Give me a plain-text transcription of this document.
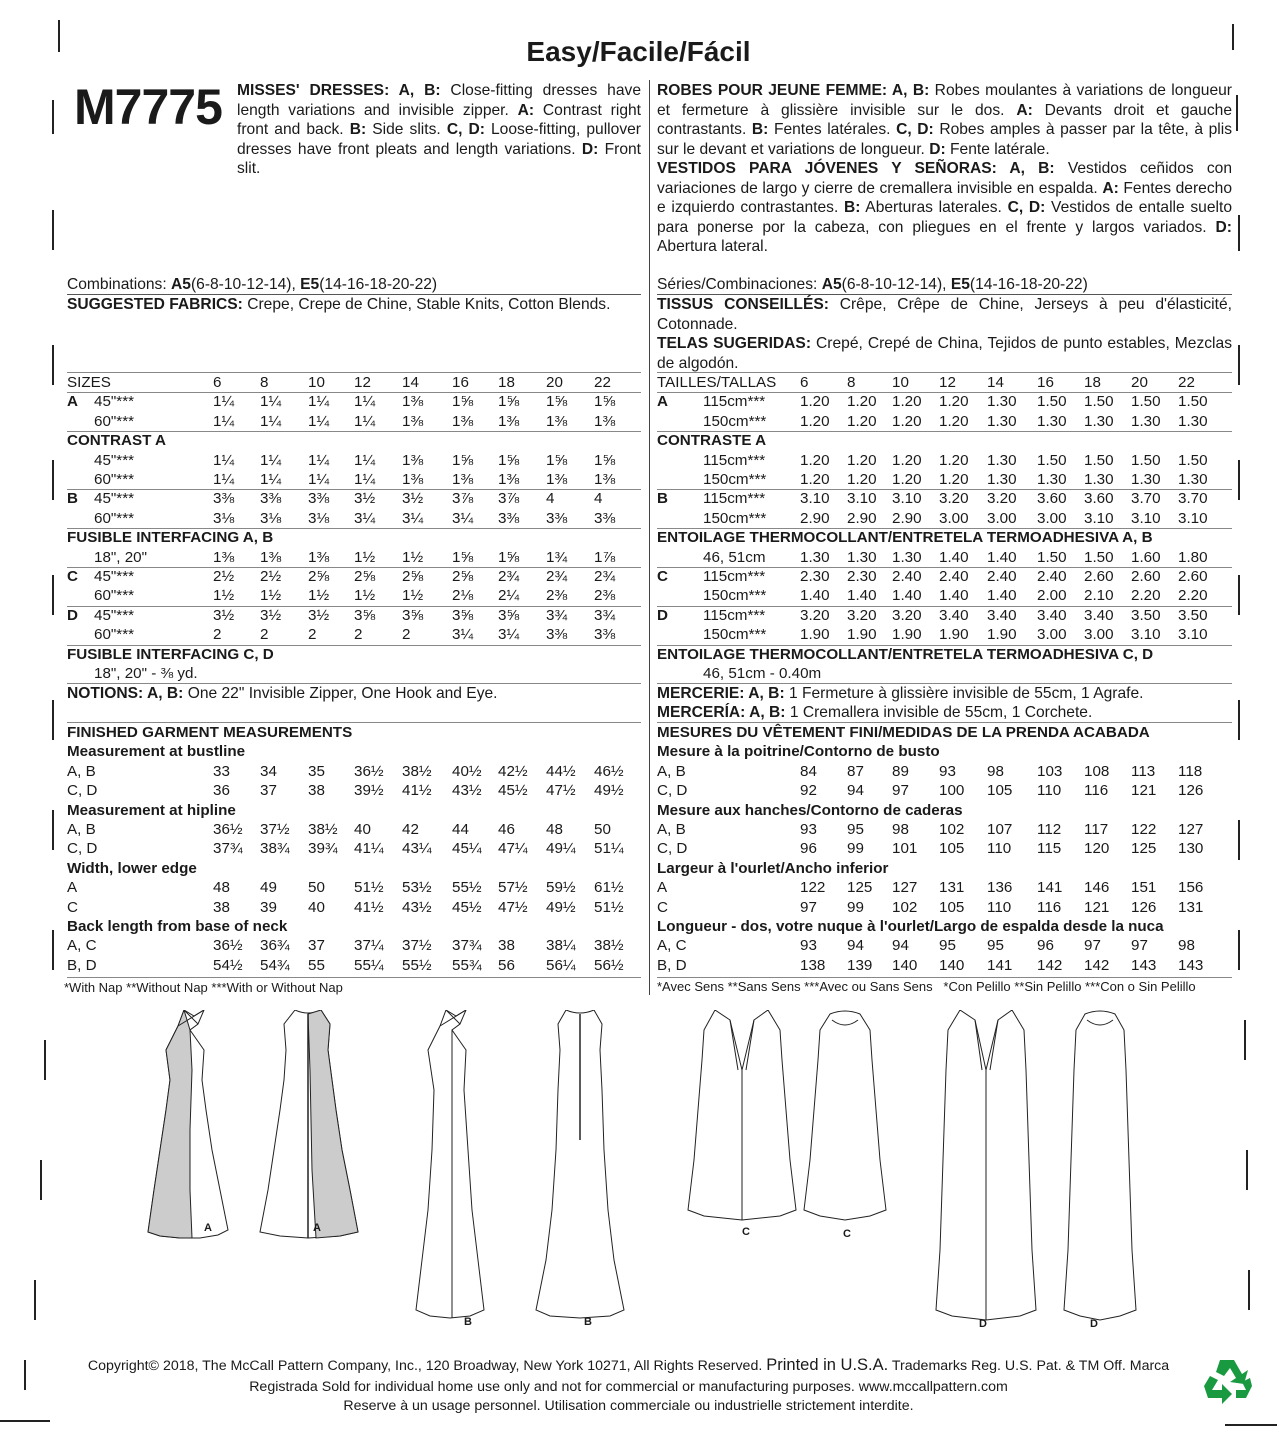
Easy/Facile/Fácil
M7775 MISSES' DRESSES: A, B: Close-fitting dresses have length variations and invisible zipper. A: Contrast right front and back. B: Side slits. C, D: Loose-fitting, pullover dresses have front pleats and length variations. D: Front slit.
ROBES POUR JEUNE FEMME: A, B: Robes moulantes à variations de longueur et fermeture à glissière invisible sur le dos. A: Devants droit et gauche contrastants. B: Fentes latérales. C, D: Robes amples à passer par la tête, à plis sur le devant et variations de longueur. D: Fente latérale.
VESTIDOS PARA JÓVENES Y SEÑORAS: A, B: Vestidos ceñidos con variaciones de largo y cierre de cremallera invisible en espalda. A: Fentes derecho e izquierdo contrastantes. B: Aberturas laterales. C, D: Vestidos de entalle suelto para ponerse por la cabeza, con pliegues en el frente y largos variados. D: Abertura lateral.
Combinations: A5(6-8-10-12-14), E5(14-16-18-20-22)
SUGGESTED FABRICS: Crepe, Crepe de Chine, Stable Knits, Cotton Blends.
Séries/Combinaciones: A5(6-8-10-12-14), E5(14-16-18-20-22)
TISSUS CONSEILLÉS: Crêpe, Crêpe de Chine, Jerseys à peu d'élasticité, Cotonnade.
TELAS SUGERIDAS: Crepé, Crepé de China, Tejidos de punto estables, Mezclas de algodón.
SIZES	6	8	10 12 14 16 18 20 22
A 45"***	1¼ 1¼ 1¼ 1¼ 1⅜ 1⅝ 1⅝ 1⅝ 1⅝
60"***	1¼ 1¼ 1¼ 1¼ 1⅜ 1⅜ 1⅜ 1⅜ 1⅜
CONTRAST A
45"***	1¼ 1¼ 1¼ 1¼ 1⅜ 1⅝ 1⅝ 1⅝ 1⅝
60"***	1¼ 1¼ 1¼ 1¼ 1⅜ 1⅜ 1⅜ 1⅜ 1⅜
B 45"***	3⅜ 3⅜ 3⅜ 3½ 3½ 3⅞ 3⅞ 4	4
60"***	3⅛ 3⅛ 3⅛ 3¼ 3¼ 3¼ 3⅜ 3⅜ 3⅜
FUSIBLE INTERFACING A, B
18", 20"	1⅜ 1⅜ 1⅜ 1½ 1½ 1⅝ 1⅝ 1¾ 1⅞
C 45"***	2½ 2½ 2⅝ 2⅝ 2⅝ 2⅝ 2¾ 2¾ 2¾
60"***	1½ 1½ 1½ 1½ 1½ 2⅛ 2¼ 2⅜ 2⅜
D 45"***	3½ 3½ 3½ 3⅝ 3⅝ 3⅝ 3⅝ 3¾ 3¾
60"***	2	2	2 2	2	3¼ 3¼ 3⅜ 3⅜
FUSIBLE INTERFACING C, D
18", 20" - ⅜ yd.
TAILLES/TALLAS 6	8 10 12 14 16 18 20 22
A 115cm*** 1.20 1.20 1.20 1.20 1.30 1.50 1.50 1.50 1.50
150cm*** 1.20 1.20 1.20 1.20 1.30 1.30 1.30 1.30 1.30
CONTRASTE A
115cm*** 1.20 1.20 1.20 1.20 1.30 1.50 1.50 1.50 1.50
150cm*** 1.20 1.20 1.20 1.20 1.30 1.30 1.30 1.30 1.30
B 115cm*** 3.10 3.10 3.10 3.20 3.20 3.60 3.60 3.70 3.70
150cm*** 2.90 2.90 2.90 3.00 3.00 3.00 3.10 3.10 3.10
ENTOILAGE THERMOCOLLANT/ENTRETELA TERMOADHESIVA A, B
46, 51cm 1.30 1.30 1.30 1.40 1.40 1.50 1.50 1.60 1.80
C 115cm*** 2.30 2.30 2.40 2.40 2.40 2.40 2.60 2.60 2.60
150cm*** 1.40 1.40 1.40 1.40 1.40 2.00 2.10 2.20 2.20
D 115cm*** 3.20 3.20 3.20 3.40 3.40 3.40 3.40 3.50 3.50
150cm*** 1.90 1.90 1.90 1.90 1.90 3.00 3.00 3.10 3.10
ENTOILAGE THERMOCOLLANT/ENTRETELA TERMOADHESIVA C, D
46, 51cm - 0.40m
FINISHED GARMENT MEASUREMENTS
Measurement at bustline
A, B	33 34 35 36½ 38½ 40½ 42½ 44½ 46½
C, D	36 37 38 39½ 41½ 43½ 45½ 47½ 49½
Measurement at hipline
A, B	36½ 37½ 38½ 40 42 44 46 48 50
C, D	37¾ 38¾ 39¾ 41¼ 43¼ 45¼ 47¼ 49¼ 51¼
Width, lower edge
A	48 49 50 51½ 53½ 55½ 57½ 59½ 61½
C	38 39 40 41½ 43½ 45½ 47½ 49½ 51½
Back length from base of neck
A, C	36½ 36¾ 37 37¼ 37½ 37¾ 38 38¼ 38½
B, D	54½ 54¾ 55 55¼ 55½ 55¾ 56 56¼ 56½
MESURES DU VÊTEMENT FINI/MEDIDAS DE LA PRENDA ACABADA
Mesure à la poitrine/Contorno de busto
A, B	84 87 89 93 98 103 108 113 118
C, D	92 94 97 100 105 110 116 121 126
Mesure aux hanches/Contorno de caderas
A, B	93 95 98 102 107 112 117 122 127
C, D	96 99 101 105 110 115 120 125 130
Largeur à l'ourlet/Ancho inferior
A	122 125 127 131 136 141 146 151 156
C	97 99 102 105 110 116 121 126 131
Longueur - dos, votre nuque à l'ourlet/Largo de espalda desde la nuca
A, C	93 94 94 95 95 96 97 97 98
B, D	138 139 140 140 141 142 142 143 143
NOTIONS: A, B: One 22" Invisible Zipper, One Hook and Eye.	MERCERIE: A, B: 1 Fermeture à glissière invisible de 55cm, 1 Agrafe.
MERCERÍA: A, B: 1 Cremallera invisible de 55cm, 1 Corchete.
*With Nap **Without Nap ***With or Without Nap	*Avec Sens **Sans Sens ***Avec ou Sans Sens   *Con Pelillo **Sin Pelillo ***Con o Sin Pelillo
A	A
B	B
C	C
D	D
Copyright© 2018, The McCall Pattern Company, Inc., 120 Broadway, New York 10271, All Rights Reserved. Printed in U.S.A. Trademarks Reg. U.S. Pat. & TM Off. Marca
Registrada Sold for individual home use only and not for commercial or manufacturing purposes. www.mccallpattern.com
Reserve à un usage personnel. Utilisation commerciale ou industrielle strictement interdite.
